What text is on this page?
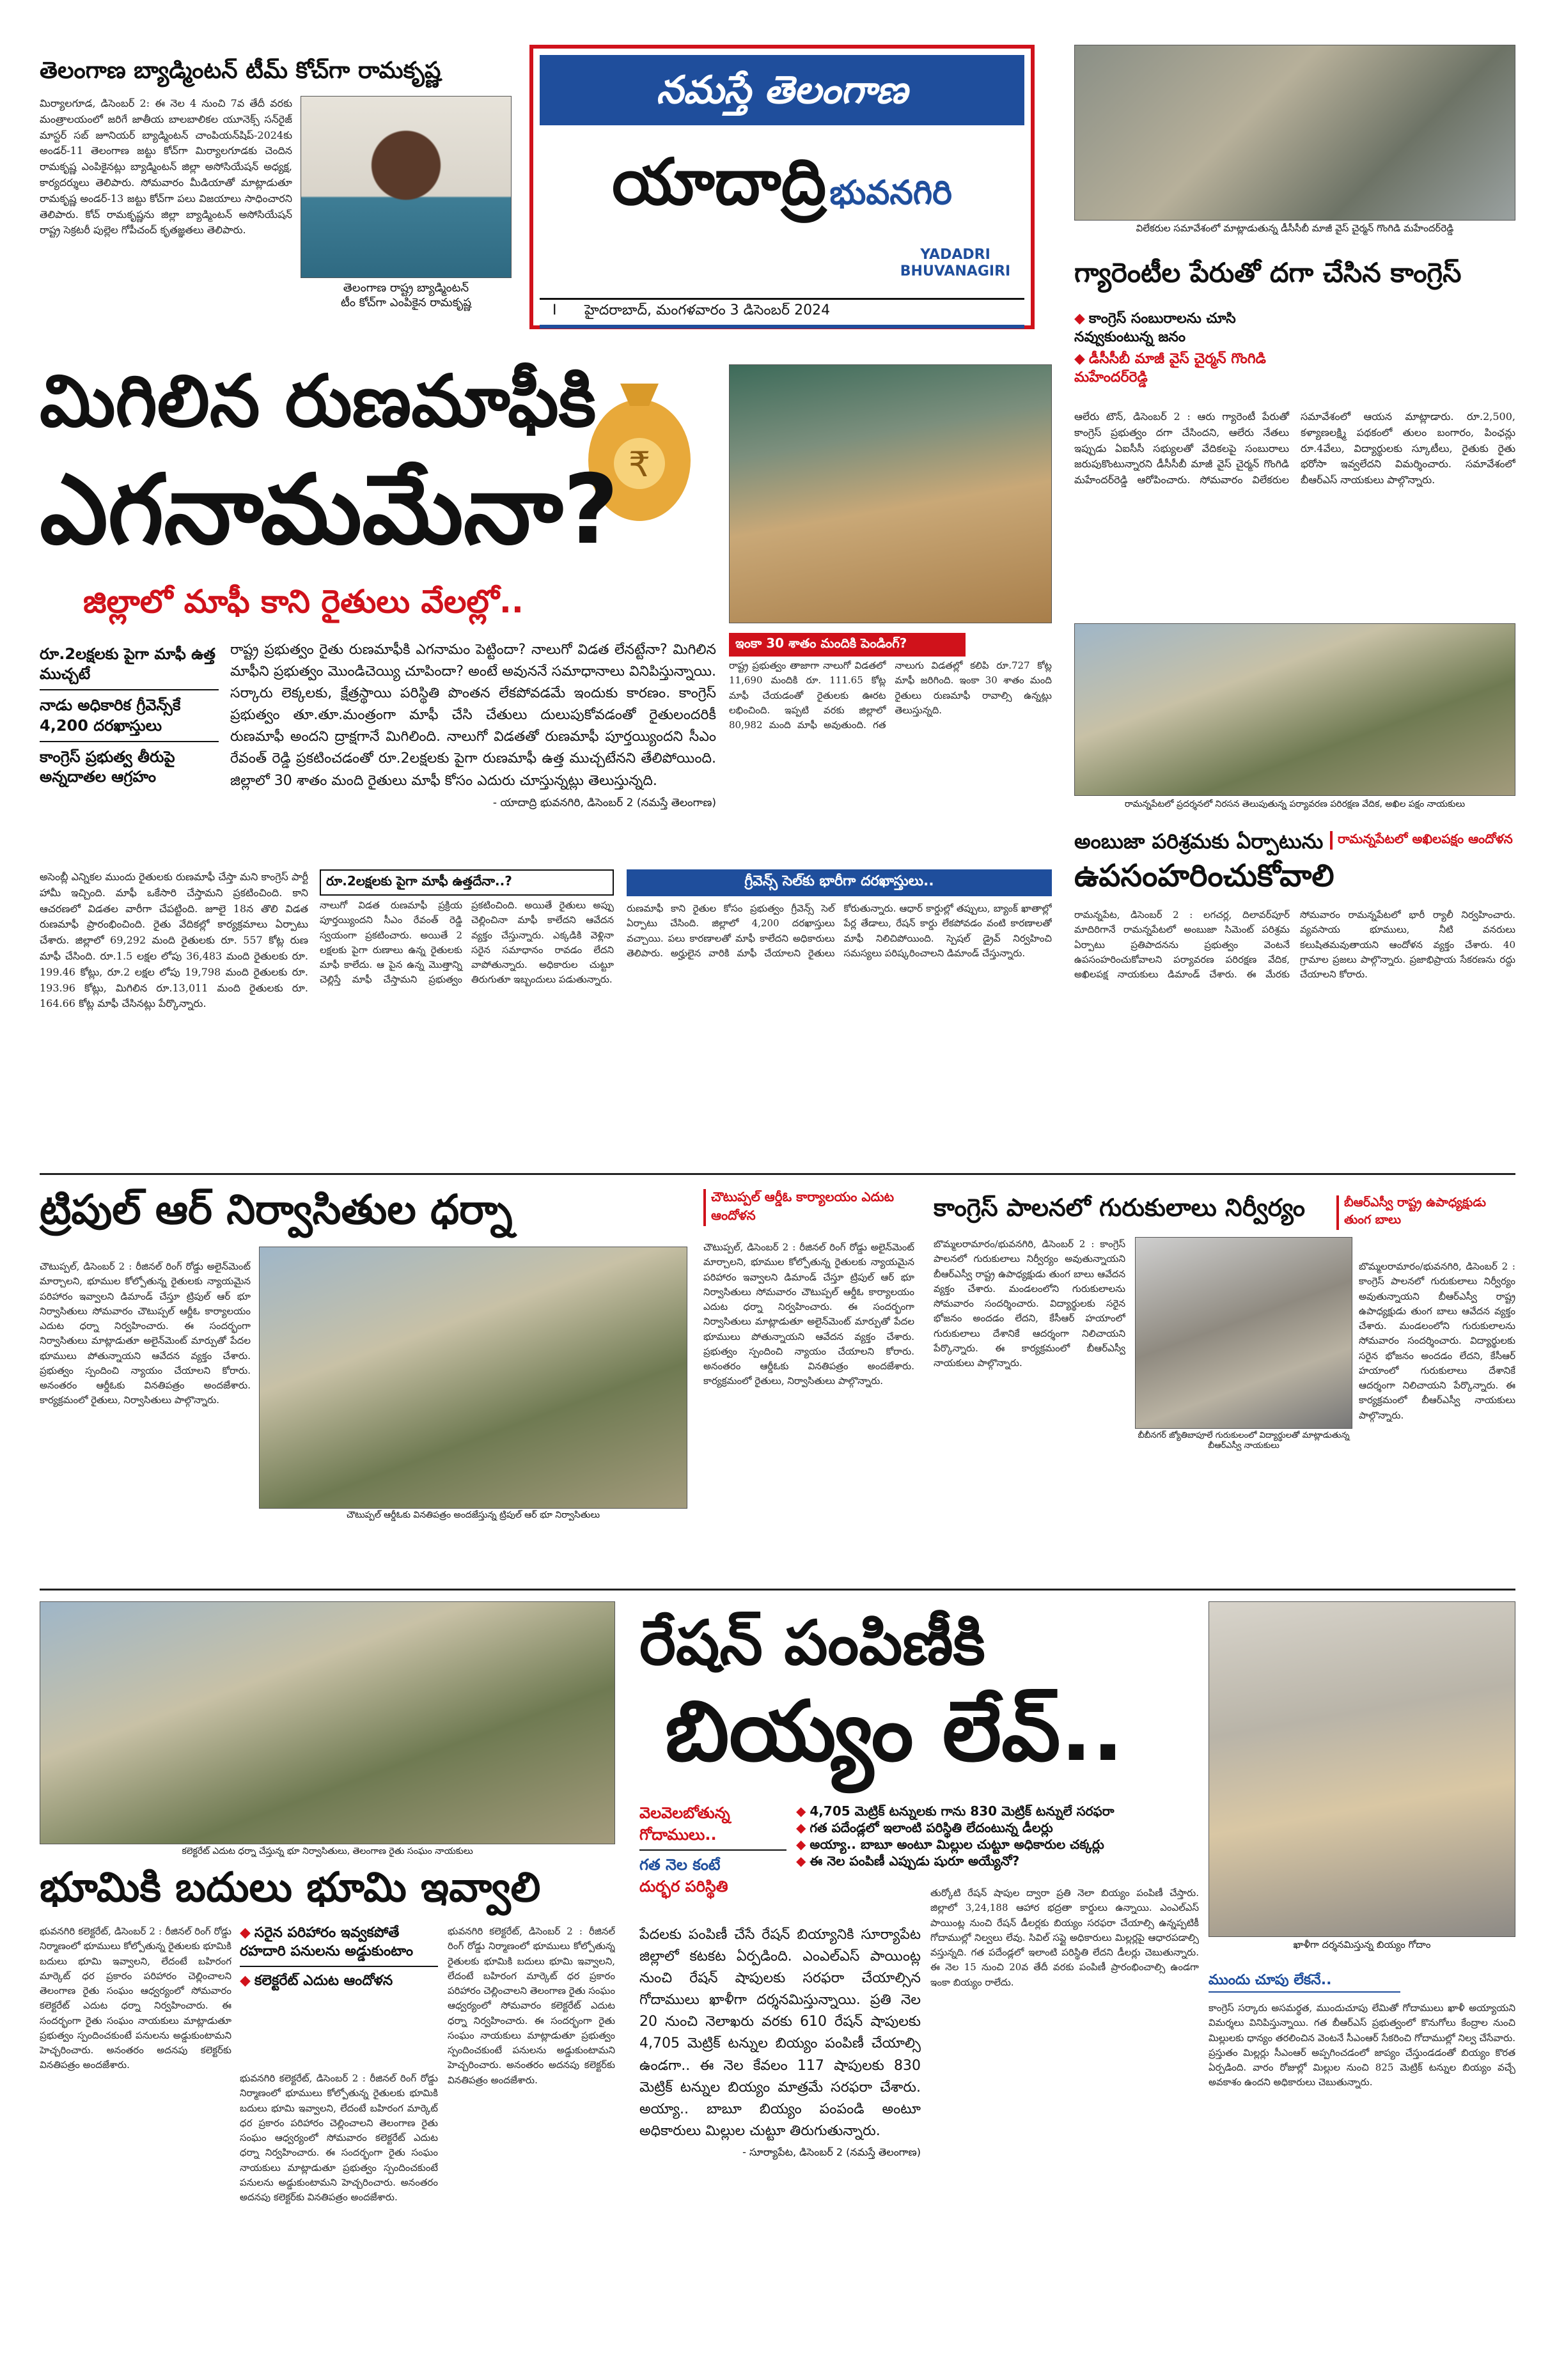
తెలంగాణ బ్యాడ్మింటన్‌ టీమ్‌ కోచ్‌గా రామకృష్ణ
మిర్యాలగూడ, డిసెంబర్‌ 2: ఈ నెల 4 నుంచి 7వ తేదీ వరకు మంత్రాలయంలో జరిగే జాతీయ బాలబాలికల యూనెక్స్‌ సన్‌రైజ్‌ మాస్టర్‌ సబ్‌ జూనియర్‌ బ్యాడ్మింటన్‌ చాంపియన్‌షిప్‌-2024కు అండర్‌-11 తెలంగాణ జట్టు కోచ్‌గా మిర్యాలగూడకు చెందిన రామకృష్ణ ఎంపికైనట్లు బ్యాడ్మింటన్‌ జిల్లా అసోసియేషన్‌ అధ్యక్ష, కార్యదర్శులు తెలిపారు. సోమవారం మీడియాతో మాట్లాడుతూ రామకృష్ణ అండర్‌-13 జట్టు కోచ్‌గా పలు విజయాలు సాధించారని తెలిపారు. కోచ్‌ రామకృష్ణను జిల్లా బ్యాడ్మింటన్‌ అసోసియేషన్‌ రాష్ట్ర సెక్రటరీ పుల్లెల గోపీచంద్‌ కృతజ్ఞతలు తెలిపారు.
తెలంగాణ రాష్ట్ర బ్యాడ్మింటన్‌
టీం కోచ్‌గా ఎంపికైన రామకృష్ణ
నమస్తే తెలంగాణ
యాదాద్రి భువనగిరి
I హైదరాబాద్‌, మంగళవారం 3 డిసెంబర్‌ 2024
YADADRI
BHUVANAGIRI
విలేకరుల సమావేశంలో మాట్లాడుతున్న డీసీసీబీ మాజీ వైస్‌ చైర్మన్‌ గొంగిడి మహేందర్‌రెడ్డి
గ్యారెంటీల పేరుతో దగా చేసిన కాంగ్రెస్‌
◆ కాంగ్రెస్‌ సంబురాలను చూసి నవ్వుకుంటున్న జనం
◆ డీసీసీబీ మాజీ వైస్‌ చైర్మన్‌ గొంగిడి మహేందర్‌రెడ్డి
ఆలేరు టౌన్‌, డిసెంబర్‌ 2 : ఆరు గ్యారెంటీ పేరుతో కాంగ్రెస్‌ ప్రభుత్వం దగా చేసిందని, ఆలేరు నేతలు ఇప్పుడు ఏఐసీసీ సభ్యులతో వేదికలపై సంబురాలు జరుపుకొంటున్నారని డీసీసీబీ మాజీ వైస్‌ చైర్మన్‌ గొంగిడి మహేందర్‌రెడ్డి ఆరోపించారు. సోమవారం విలేకరుల సమావేశంలో ఆయన మాట్లాడారు. రూ.2,500, కళ్యాణలక్ష్మి పథకంలో తులం బంగారం, పింఛన్లు రూ.4వేలు, విద్యార్థులకు స్కూటీలు, రైతుకు రైతు భరోసా ఇవ్వలేదని విమర్శించారు. సమావేశంలో బీఆర్‌ఎస్‌ నాయకులు పాల్గొన్నారు.
₹
మిగిలిన రుణమాఫీకి
ఎగనామమేనా?
జిల్లాలో మాఫీ కాని రైతులు వేలల్లో..
రూ.2లక్షలకు పైగా మాఫీ ఉత్త ముచ్చటే
నాడు అధికారిక గ్రీవెన్స్‌కే 4,200 దరఖాస్తులు
కాంగ్రెస్‌ ప్రభుత్వ తీరుపై అన్నదాతల ఆగ్రహం
రాష్ట్ర ప్రభుత్వం రైతు రుణమాఫీకి ఎగనామం పెట్టిందా? నాలుగో విడత లేనట్టేనా? మిగిలిన మాఫీని ప్రభుత్వం మొండిచెయ్యి చూపిందా? అంటే అవుననే సమాధానాలు వినిపిస్తున్నాయి. సర్కారు లెక్కలకు, క్షేత్రస్థాయి పరిస్థితి పొంతన లేకపోవడమే ఇందుకు కారణం. కాంగ్రెస్‌ ప్రభుత్వం తూ.తూ.మంత్రంగా మాఫీ చేసి చేతులు దులుపుకోవడంతో రైతులందరికీ రుణమాఫీ అందని ద్రాక్షగానే మిగిలింది. నాలుగో విడతతో రుణమాఫీ పూర్తయ్యిందని సీఎం రేవంత్‌ రెడ్డి ప్రకటించడంతో రూ.2లక్షలకు పైగా రుణమాఫీ ఉత్త ముచ్చటేనని తేలిపోయింది. జిల్లాలో 30 శాతం మంది రైతులు మాఫీ కోసం ఎదురు చూస్తున్నట్లు తెలుస్తున్నది.
- యాదాద్రి భువనగిరి, డిసెంబర్‌ 2 (నమస్తే తెలంగాణ)
ఇంకా 30 శాతం మందికి పెండింగ్‌?
రాష్ట్ర ప్రభుత్వం తాజాగా నాలుగో విడతలో 11,690 మందికి రూ. 111.65 కోట్ల మాఫీ చేయడంతో రైతులకు ఊరట లభించింది. ఇప్పటి వరకు జిల్లాలో 80,982 మంది మాఫీ అవుతుంది. గత నాలుగు విడతల్లో కలిపి రూ.727 కోట్ల మాఫీ జరిగింది. ఇంకా 30 శాతం మంది రైతులు రుణమాఫీ రావాల్సి ఉన్నట్లు తెలుస్తున్నది.
అసెంబ్లీ ఎన్నికల ముందు రైతులకు రుణమాఫీ చేస్తా మని కాంగ్రెస్‌ పార్టీ హామీ ఇచ్చింది. మాఫీ ఒకేసారి చేస్తామని ప్రకటించింది. కాని ఆచరణలో విడతల వారీగా చేపట్టింది. జూలై 18న తొలి విడత రుణమాఫీ ప్రారంభించింది. రైతు వేదికల్లో కార్యక్రమాలు ఏర్పాటు చేశారు. జిల్లాలో 69,292 మంది రైతులకు రూ. 557 కోట్ల రుణ మాఫీ చేసింది. రూ.1.5 లక్షల లోపు 36,483 మంది రైతులకు రూ. 199.46 కోట్లు, రూ.2 లక్షల లోపు 19,798 మంది రైతులకు రూ. 193.96 కోట్లు, మిగిలిన రూ.13,011 మంది రైతులకు రూ. 164.66 కోట్ల మాఫీ చేసినట్లు పేర్కొన్నారు.
రూ.2లక్షలకు పైగా మాఫీ ఉత్తదేనా..?
నాలుగో విడత రుణమాఫీ ప్రక్రియ పూర్తయ్యిందని సీఎం రేవంత్‌ రెడ్డి స్వయంగా ప్రకటించారు. అయితే 2 లక్షలకు పైగా రుణాలు ఉన్న రైతులకు మాఫీ కాలేదు. ఆ పైన ఉన్న మొత్తాన్ని చెల్లిస్తే మాఫీ చేస్తామని ప్రభుత్వం ప్రకటించింది. అయితే రైతులు అప్పు చెల్లించినా మాఫీ కాలేదని ఆవేదన వ్యక్తం చేస్తున్నారు. ఎక్కడికి వెళ్లినా సరైన సమాధానం రావడం లేదని వాపోతున్నారు. అధికారుల చుట్టూ తిరుగుతూ ఇబ్బందులు పడుతున్నారు.
గ్రీవెన్స్‌ సెల్‌కు భారీగా దరఖాస్తులు..
రుణమాఫీ కాని రైతుల కోసం ప్రభుత్వం గ్రీవెన్స్‌ సెల్‌ ఏర్పాటు చేసింది. జిల్లాలో 4,200 దరఖాస్తులు వచ్చాయి. పలు కారణాలతో మాఫీ కాలేదని అధికారులు తెలిపారు. అర్హులైన వారికి మాఫీ చేయాలని రైతులు కోరుతున్నారు. ఆధార్‌ కార్డుల్లో తప్పులు, బ్యాంక్‌ ఖాతాల్లో పేర్ల తేడాలు, రేషన్‌ కార్డు లేకపోవడం వంటి కారణాలతో మాఫీ నిలిచిపోయింది. స్పెషల్‌ డ్రైవ్‌ నిర్వహించి సమస్యలు పరిష్కరించాలని డిమాండ్‌ చేస్తున్నారు.
రామన్నపేటలో ప్రదర్శనలో నిరసన తెలుపుతున్న పర్యావరణ పరిరక్షణ వేదిక, అఖిల పక్షం నాయకులు
అంబుజా పరిశ్రమకు ఏర్పాటును	రామన్నపేటలో అఖిలపక్షం ఆందోళన
ఉపసంహరించుకోవాలి
రామన్నపేట, డిసెంబర్‌ 2 : లగచర్ల, దిలావర్‌పూర్‌ మాదిరిగానే రామన్నపేటలో అంబుజా సిమెంట్‌ పరిశ్రమ ఏర్పాటు ప్రతిపాదనను ప్రభుత్వం వెంటనే ఉపసంహరించుకోవాలని పర్యావరణ పరిరక్షణ వేదిక, అఖిలపక్ష నాయకులు డిమాండ్‌ చేశారు. ఈ మేరకు సోమవారం రామన్నపేటలో భారీ ర్యాలీ నిర్వహించారు. వ్యవసాయ భూములు, నీటి వనరులు కలుషితమవుతాయని ఆందోళన వ్యక్తం చేశారు. 40 గ్రామాల ప్రజలు పాల్గొన్నారు. ప్రజాభిప్రాయ సేకరణను రద్దు చేయాలని కోరారు.
ట్రిపుల్‌ ఆర్‌ నిర్వాసితుల ధర్నా	చౌటుప్పల్‌ ఆర్డీఓ కార్యాలయం ఎదుట ఆందోళన
చౌటుప్పల్‌, డిసెంబర్‌ 2 : రీజినల్‌ రింగ్‌ రోడ్డు అలైన్‌మెంట్‌ మార్చాలని, భూముల కోల్పోతున్న రైతులకు న్యాయమైన పరిహారం ఇవ్వాలని డిమాండ్‌ చేస్తూ ట్రిపుల్‌ ఆర్‌ భూ నిర్వాసితులు సోమవారం చౌటుప్పల్‌ ఆర్డీఓ కార్యాలయం ఎదుట ధర్నా నిర్వహించారు. ఈ సందర్భంగా నిర్వాసితులు మాట్లాడుతూ అలైన్‌మెంట్‌ మార్పుతో పేదల భూములు పోతున్నాయని ఆవేదన వ్యక్తం చేశారు. ప్రభుత్వం స్పందించి న్యాయం చేయాలని కోరారు. అనంతరం ఆర్డీఓకు వినతిపత్రం అందజేశారు. కార్యక్రమంలో రైతులు, నిర్వాసితులు పాల్గొన్నారు.
చౌటుప్పల్‌ ఆర్డీఓకు వినతిపత్రం అందజేస్తున్న ట్రిపుల్‌ ఆర్‌ భూ నిర్వాసితులు
చౌటుప్పల్‌, డిసెంబర్‌ 2 : రీజినల్‌ రింగ్‌ రోడ్డు అలైన్‌మెంట్‌ మార్చాలని, భూముల కోల్పోతున్న రైతులకు న్యాయమైన పరిహారం ఇవ్వాలని డిమాండ్‌ చేస్తూ ట్రిపుల్‌ ఆర్‌ భూ నిర్వాసితులు సోమవారం చౌటుప్పల్‌ ఆర్డీఓ కార్యాలయం ఎదుట ధర్నా నిర్వహించారు. ఈ సందర్భంగా నిర్వాసితులు మాట్లాడుతూ అలైన్‌మెంట్‌ మార్పుతో పేదల భూములు పోతున్నాయని ఆవేదన వ్యక్తం చేశారు. ప్రభుత్వం స్పందించి న్యాయం చేయాలని కోరారు. అనంతరం ఆర్డీఓకు వినతిపత్రం అందజేశారు. కార్యక్రమంలో రైతులు, నిర్వాసితులు పాల్గొన్నారు.
కాంగ్రెస్‌ పాలనలో గురుకులాలు నిర్వీర్యం	బీఆర్‌ఎస్వీ రాష్ట్ర ఉపాధ్యక్షుడు తుంగ బాలు
బొమ్మలరామారం/భువనగిరి, డిసెంబర్‌ 2 : కాంగ్రెస్‌ పాలనలో గురుకులాలు నిర్వీర్యం అవుతున్నాయని బీఆర్‌ఎస్వీ రాష్ట్ర ఉపాధ్యక్షుడు తుంగ బాలు ఆవేదన వ్యక్తం చేశారు. మండలంలోని గురుకులాలను సోమవారం సందర్శించారు. విద్యార్థులకు సరైన భోజనం అందడం లేదని, కేసీఆర్‌ హయాంలో గురుకులాలు దేశానికే ఆదర్శంగా నిలిచాయని పేర్కొన్నారు. ఈ కార్యక్రమంలో బీఆర్‌ఎస్వీ నాయకులు పాల్గొన్నారు.
బీబీనగర్‌ జ్యోతిబాపూలే గురుకులంలో విద్యార్థులతో మాట్లాడుతున్న బీఆర్‌ఎస్వీ నాయకులు
బొమ్మలరామారం/భువనగిరి, డిసెంబర్‌ 2 : కాంగ్రెస్‌ పాలనలో గురుకులాలు నిర్వీర్యం అవుతున్నాయని బీఆర్‌ఎస్వీ రాష్ట్ర ఉపాధ్యక్షుడు తుంగ బాలు ఆవేదన వ్యక్తం చేశారు. మండలంలోని గురుకులాలను సోమవారం సందర్శించారు. విద్యార్థులకు సరైన భోజనం అందడం లేదని, కేసీఆర్‌ హయాంలో గురుకులాలు దేశానికే ఆదర్శంగా నిలిచాయని పేర్కొన్నారు. ఈ కార్యక్రమంలో బీఆర్‌ఎస్వీ నాయకులు పాల్గొన్నారు.
కలెక్టరేట్‌ ఎదుట ధర్నా చేస్తున్న భూ నిర్వాసితులు, తెలంగాణ రైతు సంఘం నాయకులు
భూమికి బదులు భూమి ఇవ్వాలి
భువనగిరి కలెక్టరేట్‌, డిసెంబర్‌ 2 : రీజినల్‌ రింగ్‌ రోడ్డు నిర్మాణంలో భూములు కోల్పోతున్న రైతులకు భూమికి బదులు భూమి ఇవ్వాలని, లేదంటే బహిరంగ మార్కెట్‌ ధర ప్రకారం పరిహారం చెల్లించాలని తెలంగాణ రైతు సంఘం ఆధ్వర్యంలో సోమవారం కలెక్టరేట్‌ ఎదుట ధర్నా నిర్వహించారు. ఈ సందర్భంగా రైతు సంఘం నాయకులు మాట్లాడుతూ ప్రభుత్వం స్పందించకుంటే పనులను అడ్డుకుంటామని హెచ్చరించారు. అనంతరం అదనపు కలెక్టర్‌కు వినతిపత్రం అందజేశారు.
◆ సరైన పరిహారం ఇవ్వకపోతే రహదారి పనులను అడ్డుకుంటాం
◆ కలెక్టరేట్‌ ఎదుట ఆందోళన
భువనగిరి కలెక్టరేట్‌, డిసెంబర్‌ 2 : రీజినల్‌ రింగ్‌ రోడ్డు నిర్మాణంలో భూములు కోల్పోతున్న రైతులకు భూమికి బదులు భూమి ఇవ్వాలని, లేదంటే బహిరంగ మార్కెట్‌ ధర ప్రకారం పరిహారం చెల్లించాలని తెలంగాణ రైతు సంఘం ఆధ్వర్యంలో సోమవారం కలెక్టరేట్‌ ఎదుట ధర్నా నిర్వహించారు. ఈ సందర్భంగా రైతు సంఘం నాయకులు మాట్లాడుతూ ప్రభుత్వం స్పందించకుంటే పనులను అడ్డుకుంటామని హెచ్చరించారు. అనంతరం అదనపు కలెక్టర్‌కు వినతిపత్రం అందజేశారు.
భువనగిరి కలెక్టరేట్‌, డిసెంబర్‌ 2 : రీజినల్‌ రింగ్‌ రోడ్డు నిర్మాణంలో భూములు కోల్పోతున్న రైతులకు భూమికి బదులు భూమి ఇవ్వాలని, లేదంటే బహిరంగ మార్కెట్‌ ధర ప్రకారం పరిహారం చెల్లించాలని తెలంగాణ రైతు సంఘం ఆధ్వర్యంలో సోమవారం కలెక్టరేట్‌ ఎదుట ధర్నా నిర్వహించారు. ఈ సందర్భంగా రైతు సంఘం నాయకులు మాట్లాడుతూ ప్రభుత్వం స్పందించకుంటే పనులను అడ్డుకుంటామని హెచ్చరించారు. అనంతరం అదనపు కలెక్టర్‌కు వినతిపత్రం అందజేశారు.
రేషన్‌ పంపిణీకి
బియ్యం లేవ్‌..
ఖాళీగా దర్శనమిస్తున్న బియ్యం గోదాం
వెలవెలబోతున్న
గోదాములు..
గత నెల కంటే
దుర్భర పరిస్థితి
◆ 4,705 మెట్రిక్‌ టన్నులకు గాను 830 మెట్రిక్‌ టన్నులే సరఫరా
◆ గత పదేండ్లలో ఇలాంటి పరిస్థితి లేదంటున్న డీలర్లు
◆ అయ్యా.. బాబూ అంటూ మిల్లుల చుట్టూ అధికారుల చక్కర్లు
◆ ఈ నెల పంపిణీ ఎప్పుడు షురూ అయ్యేనో?
పేదలకు పంపిణీ చేసే రేషన్‌ బియ్యానికి సూర్యాపేట జిల్లాలో కటకట ఏర్పడింది. ఎంఎల్‌ఎస్‌ పాయింట్ల నుంచి రేషన్‌ షాపులకు సరఫరా చేయాల్సిన గోదాములు ఖాళీగా దర్శనమిస్తున్నాయి. ప్రతి నెల 20 నుంచి నెలాఖరు వరకు 610 రేషన్‌ షాపులకు 4,705 మెట్రిక్‌ టన్నుల బియ్యం పంపిణీ చేయాల్సి ఉండగా.. ఈ నెల కేవలం 117 షాపులకు 830 మెట్రిక్‌ టన్నుల బియ్యం మాత్రమే సరఫరా చేశారు. అయ్యా.. బాబూ బియ్యం పంపండి అంటూ అధికారులు మిల్లుల చుట్టూ తిరుగుతున్నారు.
- సూర్యాపేట, డిసెంబర్‌ 2 (నమస్తే తెలంగాణ)
తుర్కోటి రేషన్‌ షాపుల ద్వారా ప్రతి నెలా బియ్యం పంపిణీ చేస్తారు. జిల్లాలో 3,24,188 ఆహార భద్రతా కార్డులు ఉన్నాయి. ఎంఎల్‌ఎస్‌ పాయింట్ల నుంచి రేషన్‌ డీలర్లకు బియ్యం సరఫరా చేయాల్సి ఉన్నప్పటికీ గోదాముల్లో నిల్వలు లేవు. సివిల్‌ సప్లై అధికారులు మిల్లర్లపై ఆధారపడాల్సి వస్తున్నది. గత పదేండ్లలో ఇలాంటి పరిస్థితి లేదని డీలర్లు చెబుతున్నారు. ఈ నెల 15 నుంచి 20వ తేదీ వరకు పంపిణీ ప్రారంభించాల్సి ఉండగా ఇంకా బియ్యం రాలేదు.	ముందు చూపు లేకనే..
కాంగ్రెస్‌ సర్కారు అసమర్థత, ముందుచూపు లేమితో గోదాములు ఖాళీ అయ్యాయని విమర్శలు వినిపిస్తున్నాయి. గత బీఆర్‌ఎస్‌ ప్రభుత్వంలో కొనుగోలు కేంద్రాల నుంచి మిల్లులకు ధాన్యం తరలించిన వెంటనే సీఎంఆర్‌ సేకరించి గోదాముల్లో నిల్వ చేసేవారు. ప్రస్తుతం మిల్లర్లు సీఎంఆర్‌ అప్పగించడంలో జాప్యం చేస్తుండడంతో బియ్యం కొరత ఏర్పడింది. వారం రోజుల్లో మిల్లుల నుంచి 825 మెట్రిక్‌ టన్నుల బియ్యం వచ్చే అవకాశం ఉందని అధికారులు చెబుతున్నారు.
